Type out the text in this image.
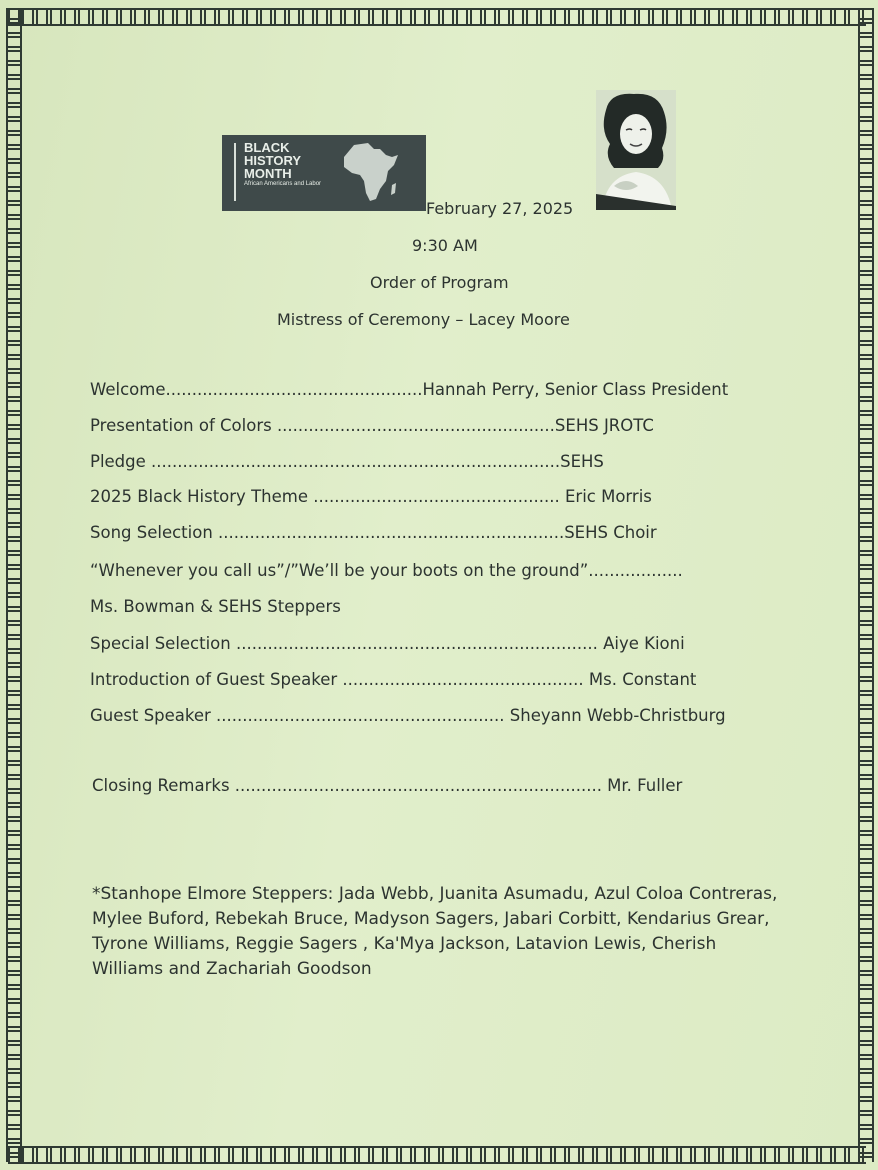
BLACK
HISTORY
MONTH
African Americans and Labor
February 27, 2025
9:30 AM
Order of Program
Mistress of Ceremony – Lacey Moore
Welcome.................................................Hannah Perry, Senior Class President
Presentation of Colors .....................................................SEHS JROTC
Pledge ..............................................................................SEHS
2025 Black History Theme ............................................... Eric Morris
Song Selection ..................................................................SEHS Choir
“Whenever you call us”/”We’ll be your boots on the ground”..................
Ms. Bowman & SEHS Steppers
Special Selection ..................................................................... Aiye Kioni
Introduction of Guest Speaker .............................................. Ms. Constant
Guest Speaker ....................................................... Sheyann Webb-Christburg
Closing Remarks ...................................................................... Mr. Fuller
*Stanhope Elmore Steppers: Jada Webb, Juanita Asumadu, Azul Coloa Contreras, Mylee Buford, Rebekah Bruce, Madyson Sagers, Jabari Corbitt, Kendarius Grear, Tyrone Williams, Reggie Sagers , Ka'Mya Jackson, Latavion Lewis, Cherish Williams and Zachariah Goodson
